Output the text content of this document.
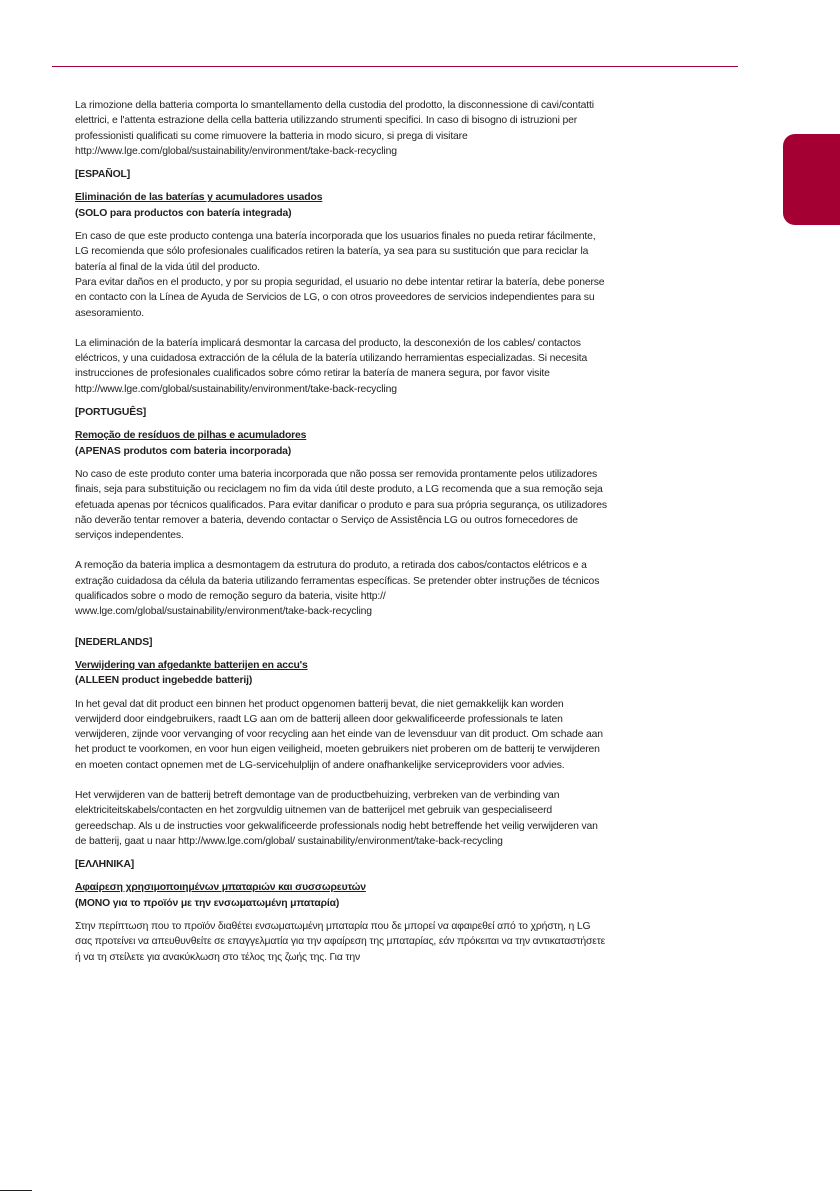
La rimozione della batteria comporta lo smantellamento della custodia del prodotto, la disconnessione di cavi/contatti elettrici, e l'attenta estrazione della cella batteria utilizzando strumenti specifici. In caso di bisogno di istruzioni per professionisti qualificati su come rimuovere la batteria in modo sicuro, si prega di visitare http://www.lge.com/global/sustainability/environment/take-back-recycling

[ESPAÑOL]

Eliminación de las baterías y acumuladores usados

(SOLO para productos con batería integrada)

En caso de que este producto contenga una batería incorporada que los usuarios finales no pueda retirar fácilmente, LG recomienda que sólo profesionales cualificados retiren la batería, ya sea para su sustitución que para reciclar la batería al final de la vida útil del producto.

Para evitar daños en el producto, y por su propia seguridad, el usuario no debe intentar retirar la batería, debe ponerse en contacto con la Línea de Ayuda de Servicios de LG, o con otros proveedores de servicios independientes para su asesoramiento.

La eliminación de la batería implicará desmontar la carcasa del producto, la desconexión de los cables/ contactos eléctricos, y una cuidadosa extracción de la célula de la batería utilizando herramientas especializadas. Si necesita instrucciones de profesionales cualificados sobre cómo retirar la batería de manera segura, por favor visite http://www.lge.com/global/sustainability/environment/take-back-recycling

[PORTUGUÊS]

Remoção de resíduos de pilhas e acumuladores

(APENAS produtos com bateria incorporada)

No caso de este produto conter uma bateria incorporada que não possa ser removida prontamente pelos utilizadores finais, seja para substituição ou reciclagem no fim da vida útil deste produto, a LG recomenda que a sua remoção seja efetuada apenas por técnicos qualificados. Para evitar danificar o produto e para sua própria segurança, os utilizadores não deverão tentar remover a bateria, devendo contactar o Serviço de Assistência LG ou outros fornecedores de serviços independentes.

A remoção da bateria implica a desmontagem da estrutura do produto, a retirada dos cabos/contactos elétricos e a extração cuidadosa da célula da bateria utilizando ferramentas específicas. Se pretender obter instruções de técnicos qualificados sobre o modo de remoção seguro da bateria, visite http:// www.lge.com/global/sustainability/environment/take-back-recycling

[NEDERLANDS]

Verwijdering van afgedankte batterijen en accu's

(ALLEEN product ingebedde batterij)

In het geval dat dit product een binnen het product opgenomen batterij bevat, die niet gemakkelijk kan worden verwijderd door eindgebruikers, raadt LG aan om de batterij alleen door gekwalificeerde professionals te laten verwijderen, zijnde voor vervanging of voor recycling aan het einde van de levensduur van dit product. Om schade aan het product te voorkomen, en voor hun eigen veiligheid, moeten gebruikers niet proberen om de batterij te verwijderen en moeten contact opnemen met de LG-servicehulplijn of andere onafhankelijke serviceproviders voor advies.

Het verwijderen van de batterij betreft demontage van de productbehuizing, verbreken van de verbinding van elektriciteitskabels/contacten en het zorgvuldig uitnemen van de batterijcel met gebruik van gespecialiseerd gereedschap. Als u de instructies voor gekwalificeerde professionals nodig hebt betreffende het veilig verwijderen van de batterij, gaat u naar http://www.lge.com/global/ sustainability/environment/take-back-recycling

[ΕΛΛΗΝΙΚΑ]

Αφαίρεση χρησιμοποιημένων μπαταριών και συσσωρευτών

(ΜΟΝΟ για το προϊόν με την ενσωματωμένη μπαταρία)

Στην περίπτωση που το προϊόν διαθέτει ενσωματωμένη μπαταρία που δε μπορεί να αφαιρεθεί από το χρήστη, η LG σας προτείνει να απευθυνθείτε σε επαγγελματία για την αφαίρεση της μπαταρίας, εάν πρόκειται να την αντικαταστήσετε ή να τη στείλετε για ανακύκλωση στο τέλος της ζωής της. Για την
